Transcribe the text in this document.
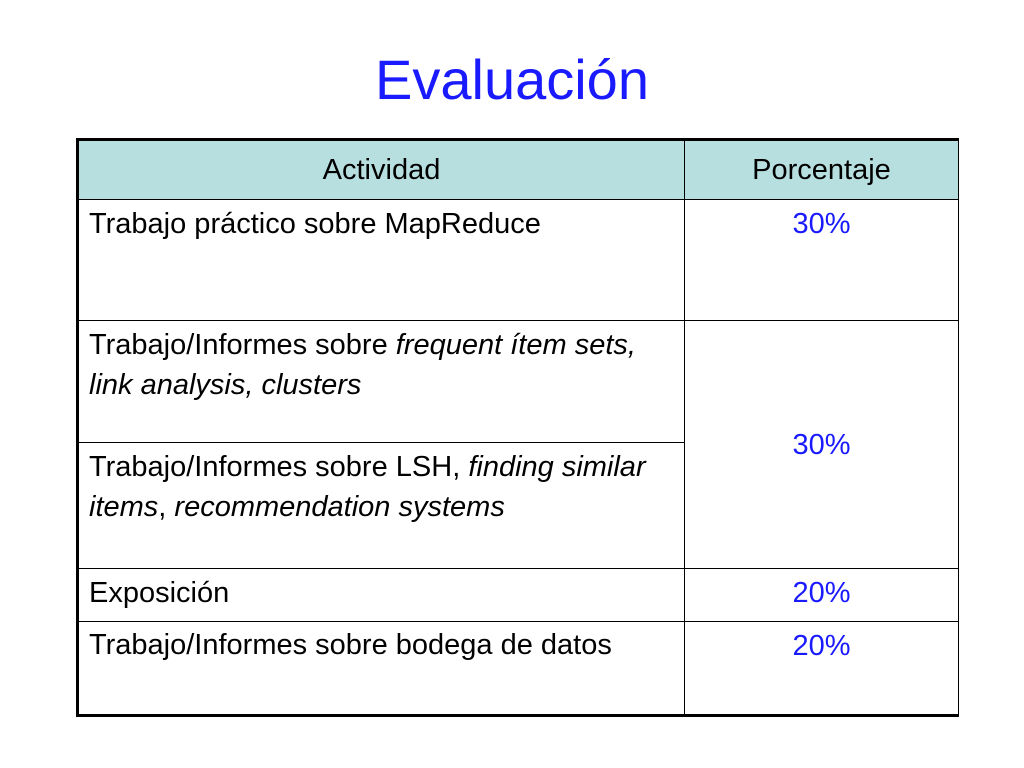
Evaluación
Actividad	Porcentaje
Trabajo práctico sobre MapReduce	30%
Trabajo/Informes sobre frequent ítem sets, link analysis, clusters	30%
Trabajo/Informes sobre LSH, finding similar items, recommendation systems	
Exposición	20%
Trabajo/Informes sobre bodega de datos	20%
